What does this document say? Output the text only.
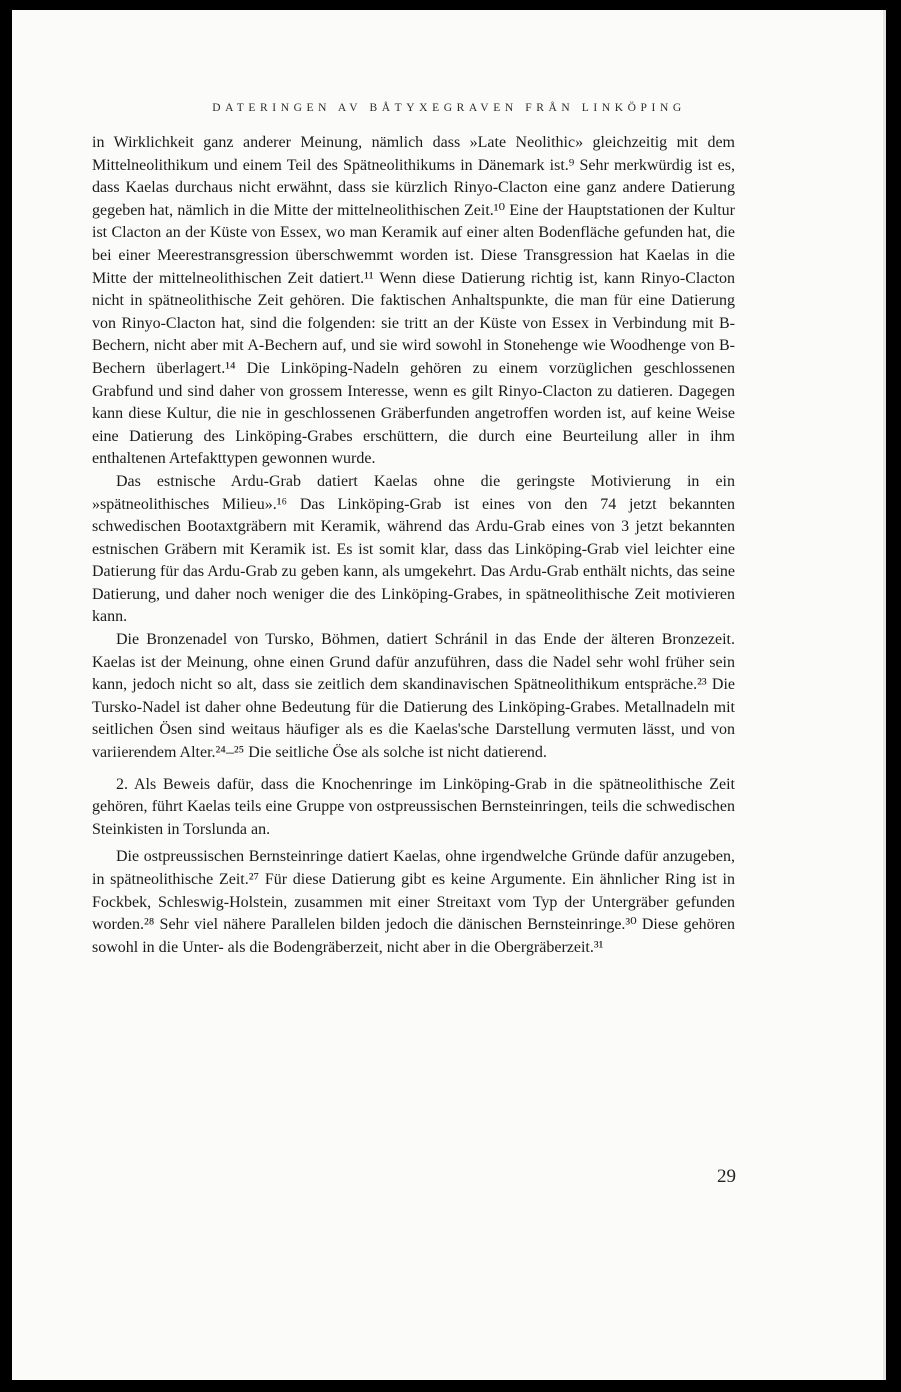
DATERINGEN AV BÅTYXEGRAVEN FRÅN LINKÖPING

in Wirklichkeit ganz anderer Meinung, nämlich dass »Late Neolithic» gleichzeitig mit dem Mittelneolithikum und einem Teil des Spätneolithikums in Dänemark ist.⁹ Sehr merkwürdig ist es, dass Kaelas durchaus nicht erwähnt, dass sie kürzlich Rinyo-Clacton eine ganz andere Datierung gegeben hat, nämlich in die Mitte der mittelneolithischen Zeit.¹⁰ Eine der Hauptstationen der Kultur ist Clacton an der Küste von Essex, wo man Keramik auf einer alten Bodenfläche gefunden hat, die bei einer Meerestransgression überschwemmt worden ist. Diese Transgression hat Kaelas in die Mitte der mittelneolithischen Zeit datiert.¹¹ Wenn diese Datierung richtig ist, kann Rinyo-Clacton nicht in spätneolithische Zeit gehören. Die faktischen Anhaltspunkte, die man für eine Datierung von Rinyo-Clacton hat, sind die folgenden: sie tritt an der Küste von Essex in Verbindung mit B-Bechern, nicht aber mit A-Bechern auf, und sie wird sowohl in Stonehenge wie Woodhenge von B-Bechern überlagert.¹⁴ Die Linköping-Nadeln gehören zu einem vorzüglichen geschlossenen Grabfund und sind daher von grossem Interesse, wenn es gilt Rinyo-Clacton zu datieren. Dagegen kann diese Kultur, die nie in geschlossenen Gräberfunden angetroffen worden ist, auf keine Weise eine Datierung des Linköping-Grabes erschüttern, die durch eine Beurteilung aller in ihm enthaltenen Artefakttypen gewonnen wurde.

Das estnische Ardu-Grab datiert Kaelas ohne die geringste Motivierung in ein »spätneolithisches Milieu».¹⁶ Das Linköping-Grab ist eines von den 74 jetzt bekannten schwedischen Bootaxtgräbern mit Keramik, während das Ardu-Grab eines von 3 jetzt bekannten estnischen Gräbern mit Keramik ist. Es ist somit klar, dass das Linköping-Grab viel leichter eine Datierung für das Ardu-Grab zu geben kann, als umgekehrt. Das Ardu-Grab enthält nichts, das seine Datierung, und daher noch weniger die des Linköping-Grabes, in spätneolithische Zeit motivieren kann.

Die Bronzenadel von Tursko, Böhmen, datiert Schránil in das Ende der älteren Bronzezeit. Kaelas ist der Meinung, ohne einen Grund dafür anzuführen, dass die Nadel sehr wohl früher sein kann, jedoch nicht so alt, dass sie zeitlich dem skandinavischen Spätneolithikum entspräche.²³ Die Tursko-Nadel ist daher ohne Bedeutung für die Datierung des Linköping-Grabes. Metallnadeln mit seitlichen Ösen sind weitaus häufiger als es die Kaelas'sche Darstellung vermuten lässt, und von variierendem Alter.²⁴–²⁵ Die seitliche Öse als solche ist nicht datierend.

2. Als Beweis dafür, dass die Knochenringe im Linköping-Grab in die spätneolithische Zeit gehören, führt Kaelas teils eine Gruppe von ostpreussischen Bernsteinringen, teils die schwedischen Steinkisten in Torslunda an.

Die ostpreussischen Bernsteinringe datiert Kaelas, ohne irgendwelche Gründe dafür anzugeben, in spätneolithische Zeit.²⁷ Für diese Datierung gibt es keine Argumente. Ein ähnlicher Ring ist in Fockbek, Schleswig-Holstein, zusammen mit einer Streitaxt vom Typ der Untergräber gefunden worden.²⁸ Sehr viel nähere Parallelen bilden jedoch die dänischen Bernsteinringe.³⁰ Diese gehören sowohl in die Unter- als die Bodengräberzeit, nicht aber in die Obergräberzeit.³¹

29
